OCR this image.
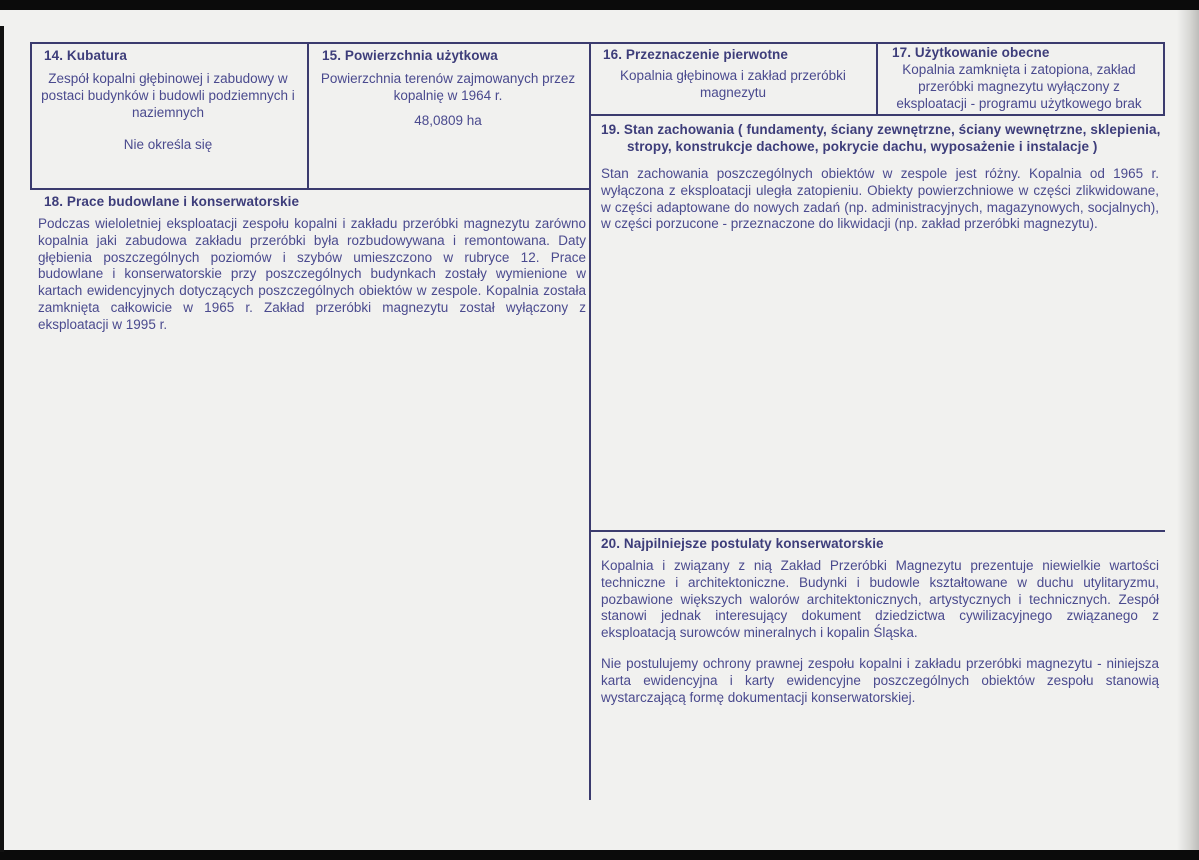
14. Kubatura
Zespół kopalni głębinowej i zabudowy w postaci budynków i budowli podziemnych i naziemnych
Nie określa się
15. Powierzchnia użytkowa
Powierzchnia terenów zajmowanych przez kopalnię w 1964 r.
48,0809 ha
16. Przeznaczenie pierwotne
Kopalnia głębinowa i zakład przeróbki magnezytu
17. Użytkowanie obecne
Kopalnia zamknięta i zatopiona, zakład przeróbki magnezytu wyłączony z eksploatacji - programu użytkowego brak
18. Prace budowlane i konserwatorskie
Podczas wieloletniej eksploatacji zespołu kopalni i zakładu przeróbki magnezytu zarówno kopalnia jaki zabudowa zakładu przeróbki była rozbudowywana i remontowana. Daty głębienia poszczególnych poziomów i szybów umieszczono w rubryce 12. Prace budowlane i konserwatorskie przy poszczególnych budynkach zostały wymienione w kartach ewidencyjnych dotyczących poszczególnych obiektów w zespole. Kopalnia została zamknięta całkowicie w 1965 r. Zakład przeróbki magnezytu został wyłączony z eksploatacji w 1995 r.
19. Stan zachowania ( fundamenty, ściany zewnętrzne, ściany wewnętrzne, sklepienia, stropy, konstrukcje dachowe, pokrycie dachu, wyposażenie i instalacje )
Stan zachowania poszczególnych obiektów w zespole jest różny. Kopalnia od 1965 r. wyłączona z eksploatacji uległa zatopieniu. Obiekty powierzchniowe w części zlikwidowane, w części adaptowane do nowych zadań (np. administracyjnych, magazynowych, socjalnych), w części porzucone - przeznaczone do likwidacji (np. zakład przeróbki magnezytu).
20. Najpilniejsze postulaty konserwatorskie

Kopalnia i związany z nią Zakład Przeróbki Magnezytu prezentuje niewielkie wartości techniczne i architektoniczne. Budynki i budowle kształtowane w duchu utylitaryzmu, pozbawione większych walorów architektonicznych, artystycznych i technicznych. Zespół stanowi jednak interesujący dokument dziedzictwa cywilizacyjnego związanego z eksploatacją surowców mineralnych i kopalin Śląska.

Nie postulujemy ochrony prawnej zespołu kopalni i zakładu przeróbki magnezytu - niniejsza karta ewidencyjna i karty ewidencyjne poszczególnych obiektów zespołu stanowią wystarczającą formę dokumentacji konserwatorskiej.
